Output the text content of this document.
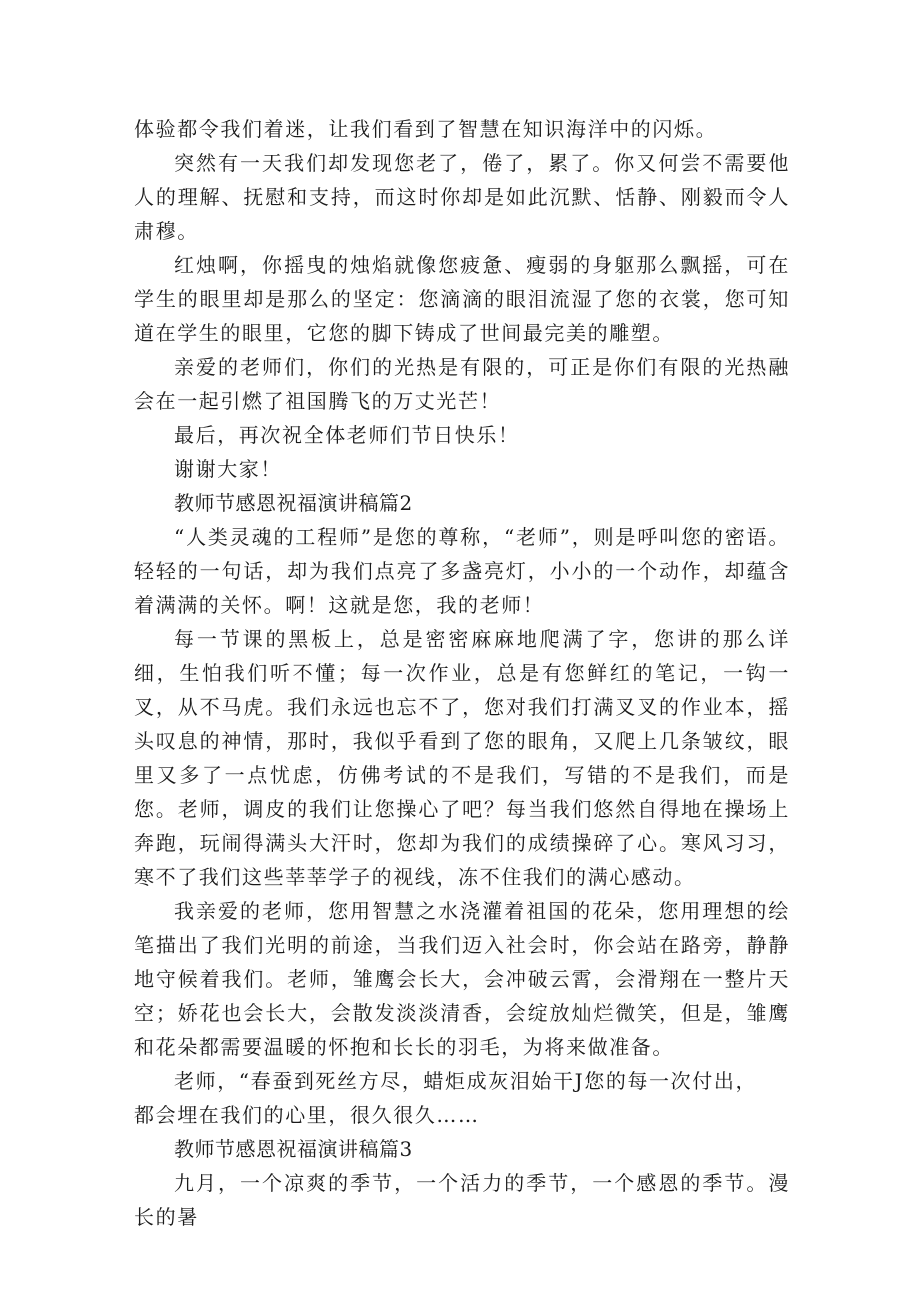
体验都令我们着迷，让我们看到了智慧在知识海洋中的闪烁。

突然有一天我们却发现您老了，倦了，累了。你又何尝不需要他人的理解、抚慰和支持，而这时你却是如此沉默、恬静、刚毅而令人肃穆。

红烛啊，你摇曳的烛焰就像您疲惫、瘦弱的身躯那么飘摇，可在学生的眼里却是那么的坚定：您滴滴的眼泪流湿了您的衣裳，您可知道在学生的眼里，它您的脚下铸成了世间最完美的雕塑。

亲爱的老师们，你们的光热是有限的，可正是你们有限的光热融会在一起引燃了祖国腾飞的万丈光芒！

最后，再次祝全体老师们节日快乐！

谢谢大家！

教师节感恩祝福演讲稿篇2

“人类灵魂的工程师”是您的尊称，“老师”，则是呼叫您的密语。轻轻的一句话，却为我们点亮了多盏亮灯，小小的一个动作，却蕴含着满满的关怀。啊！这就是您，我的老师！

每一节课的黑板上，总是密密麻麻地爬满了字，您讲的那么详细，生怕我们听不懂；每一次作业，总是有您鲜红的笔记，一钩一叉，从不马虎。我们永远也忘不了，您对我们打满叉叉的作业本，摇头叹息的神情，那时，我似乎看到了您的眼角，又爬上几条皱纹，眼里又多了一点忧虑，仿佛考试的不是我们，写错的不是我们，而是您。老师，调皮的我们让您操心了吧？每当我们悠然自得地在操场上奔跑，玩闹得满头大汗时，您却为我们的成绩操碎了心。寒风习习，寒不了我们这些莘莘学子的视线，冻不住我们的满心感动。

我亲爱的老师，您用智慧之水浇灌着祖国的花朵，您用理想的绘笔描出了我们光明的前途，当我们迈入社会时，你会站在路旁，静静地守候着我们。老师，雏鹰会长大，会冲破云霄，会滑翔在一整片天空；娇花也会长大，会散发淡淡清香，会绽放灿烂微笑，但是，雏鹰和花朵都需要温暖的怀抱和长长的羽毛，为将来做准备。

老师，“春蚕到死丝方尽，蜡炬成灰泪始干J您的每一次付出，

都会埋在我们的心里，很久很久……

教师节感恩祝福演讲稿篇3

九月，一个凉爽的季节，一个活力的季节，一个感恩的季节。漫长的暑
